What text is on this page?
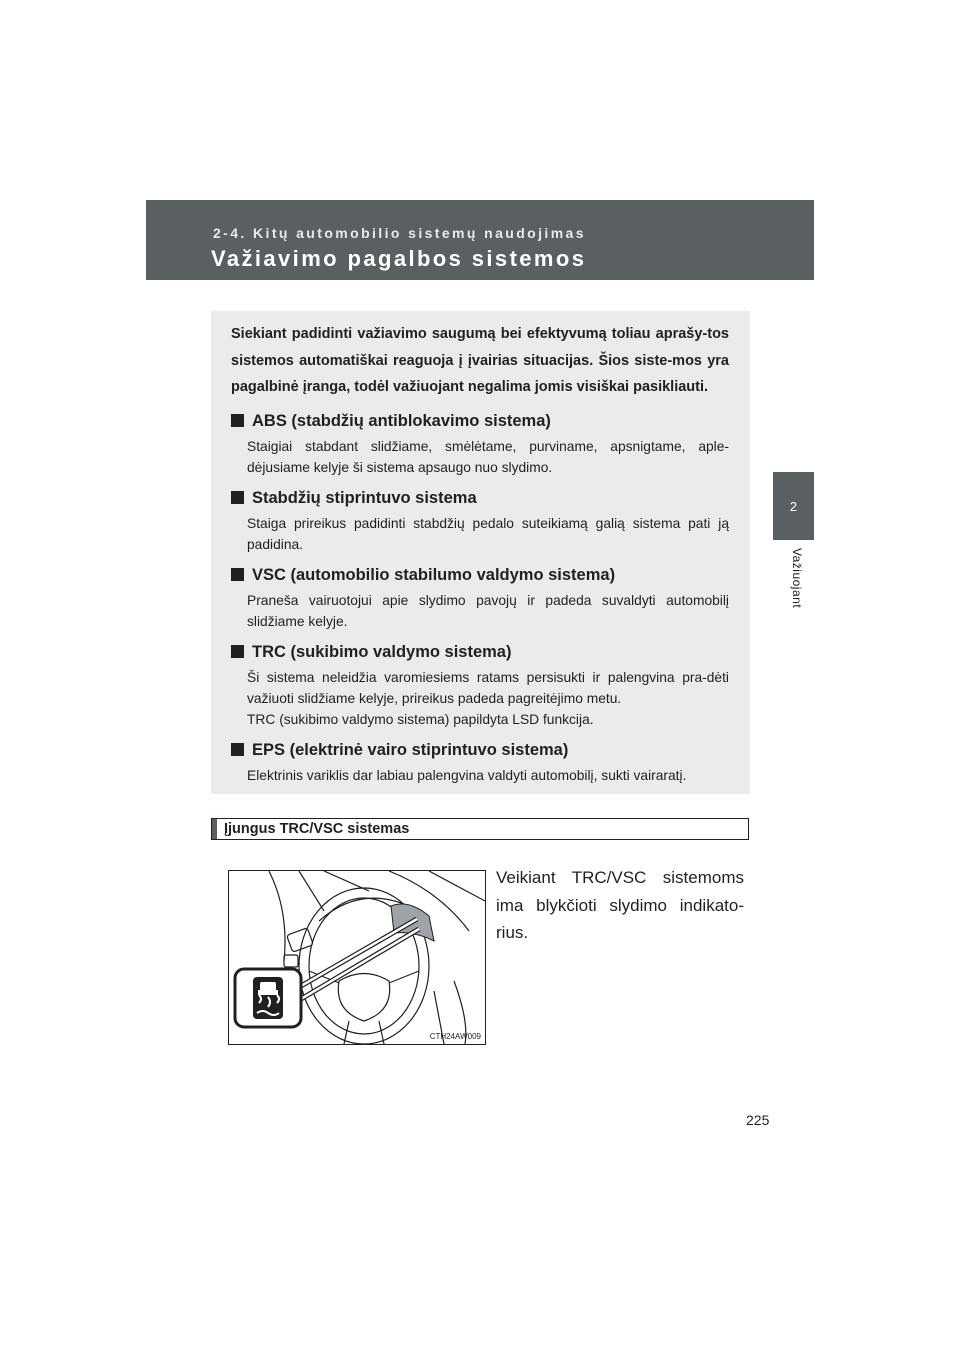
2-4. Kitų automobilio sistemų naudojimas
Važiavimo pagalbos sistemos
2
Važiuojant

Siekiant padidinti važiavimo saugumą bei efektyvumą toliau aprašy-tos sistemos automatiškai reaguoja į įvairias situacijas. Šios siste-mos yra pagalbinė įranga, todėl važiuojant negalima jomis visiškai pasikliauti.

ABS (stabdžių antiblokavimo sistema)

Staigiai stabdant slidžiame, smėlėtame, purviname, apsnigtame, aple-dėjusiame kelyje ši sistema apsaugo nuo slydimo.

Stabdžių stiprintuvo sistema

Staiga prireikus padidinti stabdžių pedalo suteikiamą galią sistema pati ją padidina.

VSC (automobilio stabilumo valdymo sistema)

Praneša vairuotojui apie slydimo pavojų ir padeda suvaldyti automobilį slidžiame kelyje.

TRC (sukibimo valdymo sistema)

Ši sistema neleidžia varomiesiems ratams persisukti ir palengvina pra-dėti važiuoti slidžiame kelyje, prireikus padeda pagreitėjimo metu.

TRC (sukibimo valdymo sistema) papildyta LSD funkcija.

EPS (elektrinė vairo stiprintuvo sistema)

Elektrinis variklis dar labiau palengvina valdyti automobilį, sukti vairaratį.

Įjungus TRC/VSC sistemas

Veikiant TRC/VSC sistemoms ima blykčioti slydimo indikato-rius.

CTH24AW009
225
